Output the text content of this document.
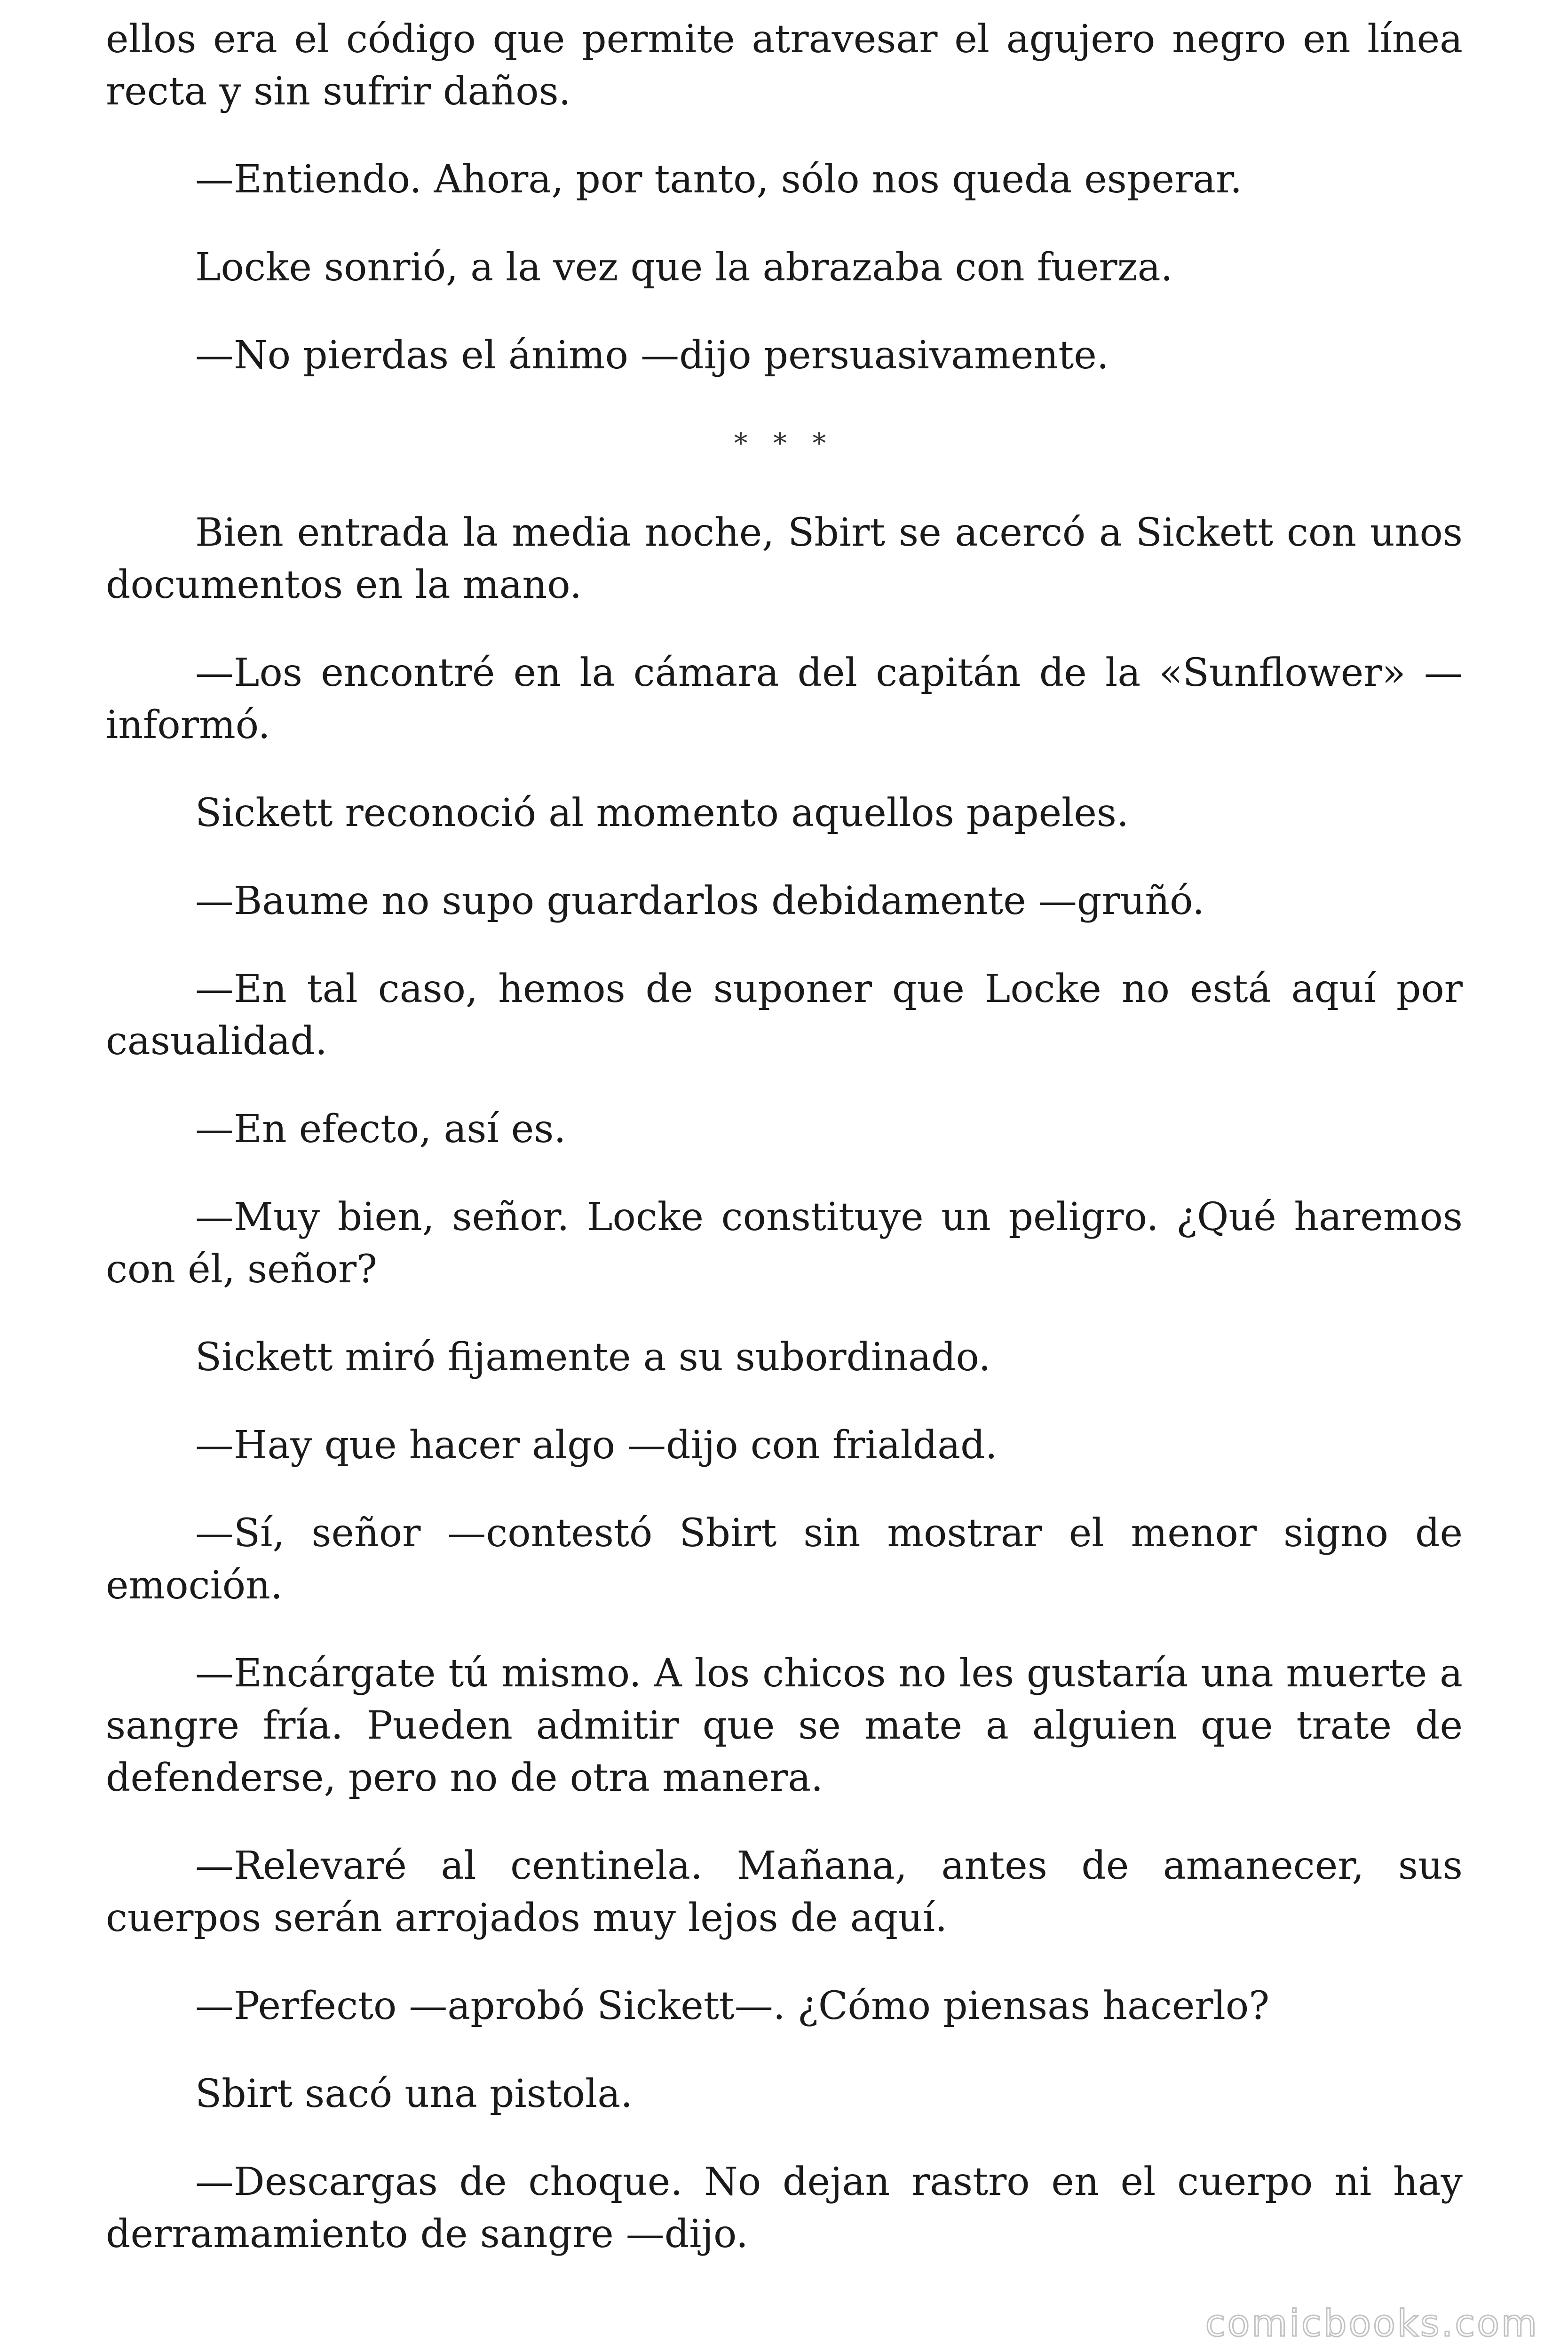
ellos era el código que permite atravesar el agujero negro en línea recta y sin sufrir daños.

—Entiendo. Ahora, por tanto, sólo nos queda esperar.

Locke sonrió, a la vez que la abrazaba con fuerza.

—No pierdas el ánimo —dijo persuasivamente.

* * *

Bien entrada la media noche, Sbirt se acercó a Sickett con unos documentos en la mano.

—Los encontré en la cámara del capitán de la «Sunflower» — informó.

Sickett reconoció al momento aquellos papeles.

—Baume no supo guardarlos debidamente —gruñó.

—En tal caso, hemos de suponer que Locke no está aquí por casualidad.

—En efecto, así es.

—Muy bien, señor. Locke constituye un peligro. ¿Qué haremos con él, señor?

Sickett miró fijamente a su subordinado.

—Hay que hacer algo —dijo con frialdad.

—Sí, señor —contestó Sbirt sin mostrar el menor signo de emoción.

—Encárgate tú mismo. A los chicos no les gustaría una muerte a sangre fría. Pueden admitir que se mate a alguien que trate de defenderse, pero no de otra manera.

—Relevaré al centinela. Mañana, antes de amanecer, sus cuerpos serán arrojados muy lejos de aquí.

—Perfecto —aprobó Sickett—. ¿Cómo piensas hacerlo?

Sbirt sacó una pistola.

—Descargas de choque. No dejan rastro en el cuerpo ni hay derramamiento de sangre —dijo.

comicbooks.com
